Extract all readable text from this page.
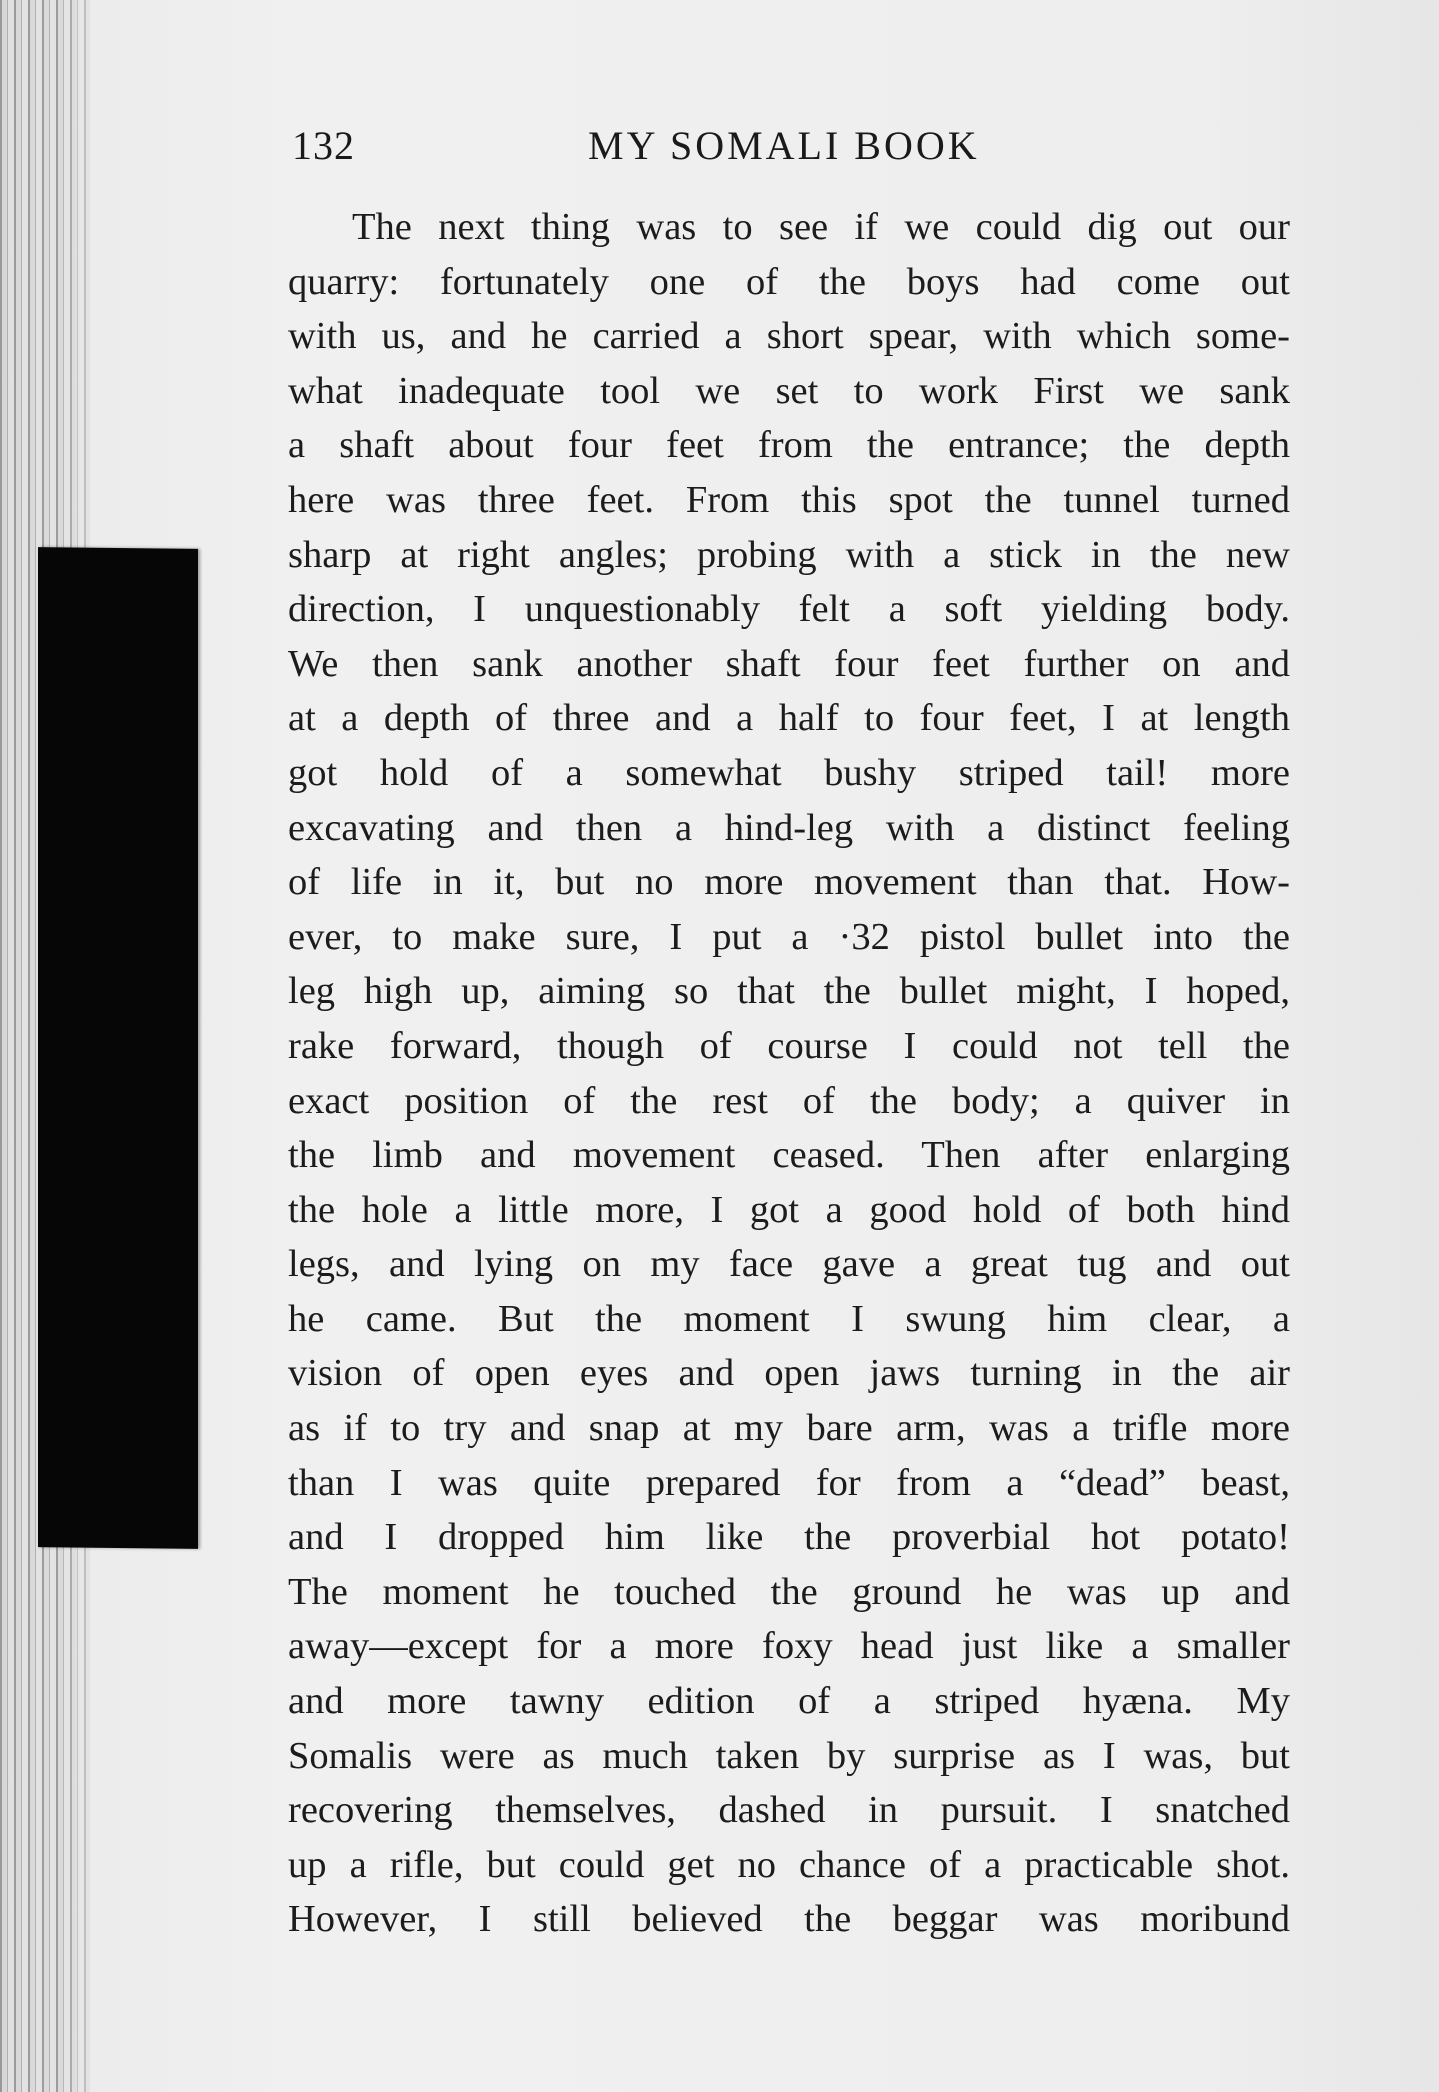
132	MY SOMALI BOOK
The next thing was to see if we could dig out our
quarry: fortunately one of the boys had come out
with us, and he carried a short spear, with which some-
what inadequate tool we set to work First we sank
a shaft about four feet from the entrance; the depth
here was three feet. From this spot the tunnel turned
sharp at right angles; probing with a stick in the new
direction, I unquestionably felt a soft yielding body.
We then sank another shaft four feet further on and
at a depth of three and a half to four feet, I at length
got hold of a somewhat bushy striped tail! more
excavating and then a hind-leg with a distinct feeling
of life in it, but no more movement than that. How-
ever, to make sure, I put a ·32 pistol bullet into the
leg high up, aiming so that the bullet might, I hoped,
rake forward, though of course I could not tell the
exact position of the rest of the body; a quiver in
the limb and movement ceased. Then after enlarging
the hole a little more, I got a good hold of both hind
legs, and lying on my face gave a great tug and out
he came. But the moment I swung him clear, a
vision of open eyes and open jaws turning in the air
as if to try and snap at my bare arm, was a trifle more
than I was quite prepared for from a “dead” beast,
and I dropped him like the proverbial hot potato!
The moment he touched the ground he was up and
away—except for a more foxy head just like a smaller
and more tawny edition of a striped hyæna. My
Somalis were as much taken by surprise as I was, but
recovering themselves, dashed in pursuit. I snatched
up a rifle, but could get no chance of a practicable shot.
However, I still believed the beggar was moribund
